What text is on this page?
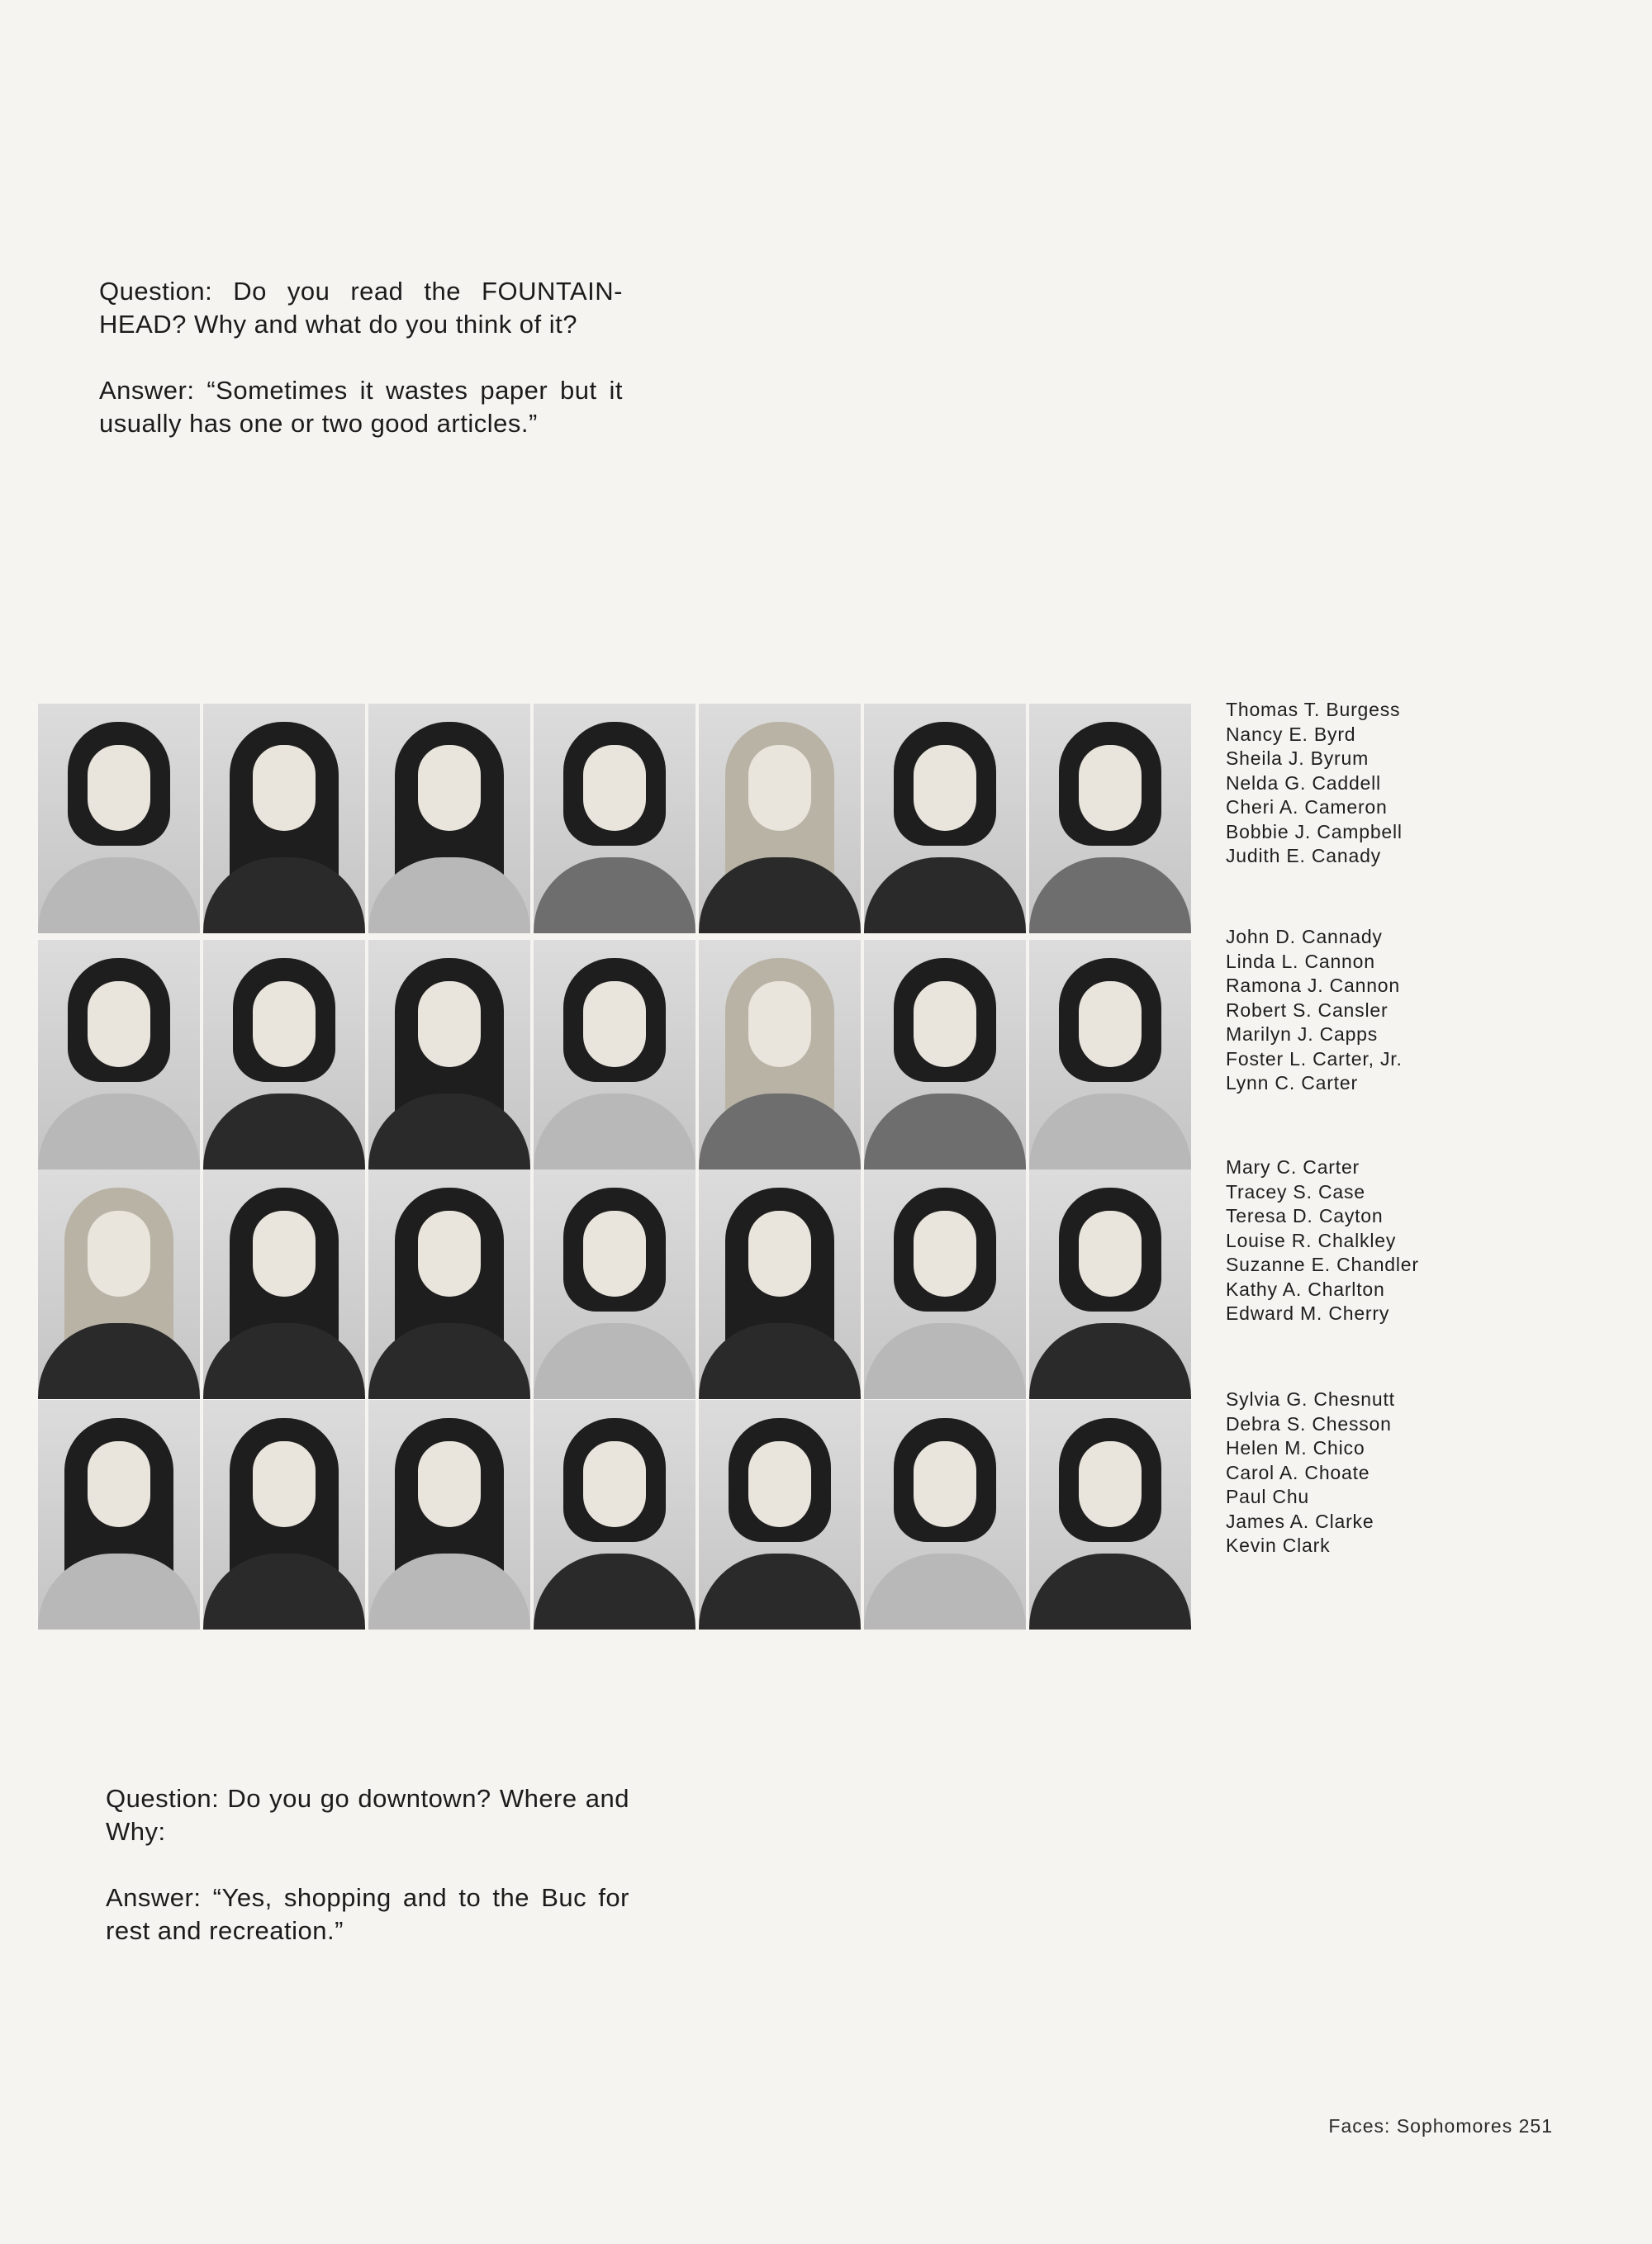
Question: Do you read the FOUNTAIN-HEAD? Why and what do you think of it?

Answer: “Sometimes it wastes paper but it usually has one or two good articles.”

Thomas T. Burgess
Nancy E. Byrd
Sheila J. Byrum
Nelda G. Caddell
Cheri A. Cameron
Bobbie J. Campbell
Judith E. Canady
John D. Cannady
Linda L. Cannon
Ramona J. Cannon
Robert S. Cansler
Marilyn J. Capps
Foster L. Carter, Jr.
Lynn C. Carter
Mary C. Carter
Tracey S. Case
Teresa D. Cayton
Louise R. Chalkley
Suzanne E. Chandler
Kathy A. Charlton
Edward M. Cherry
Sylvia G. Chesnutt
Debra S. Chesson
Helen M. Chico
Carol A. Choate
Paul Chu
James A. Clarke
Kevin Clark

Question: Do you go downtown? Where and Why:

Answer: “Yes, shopping and to the Buc for rest and recreation.”

Faces: Sophomores 251
